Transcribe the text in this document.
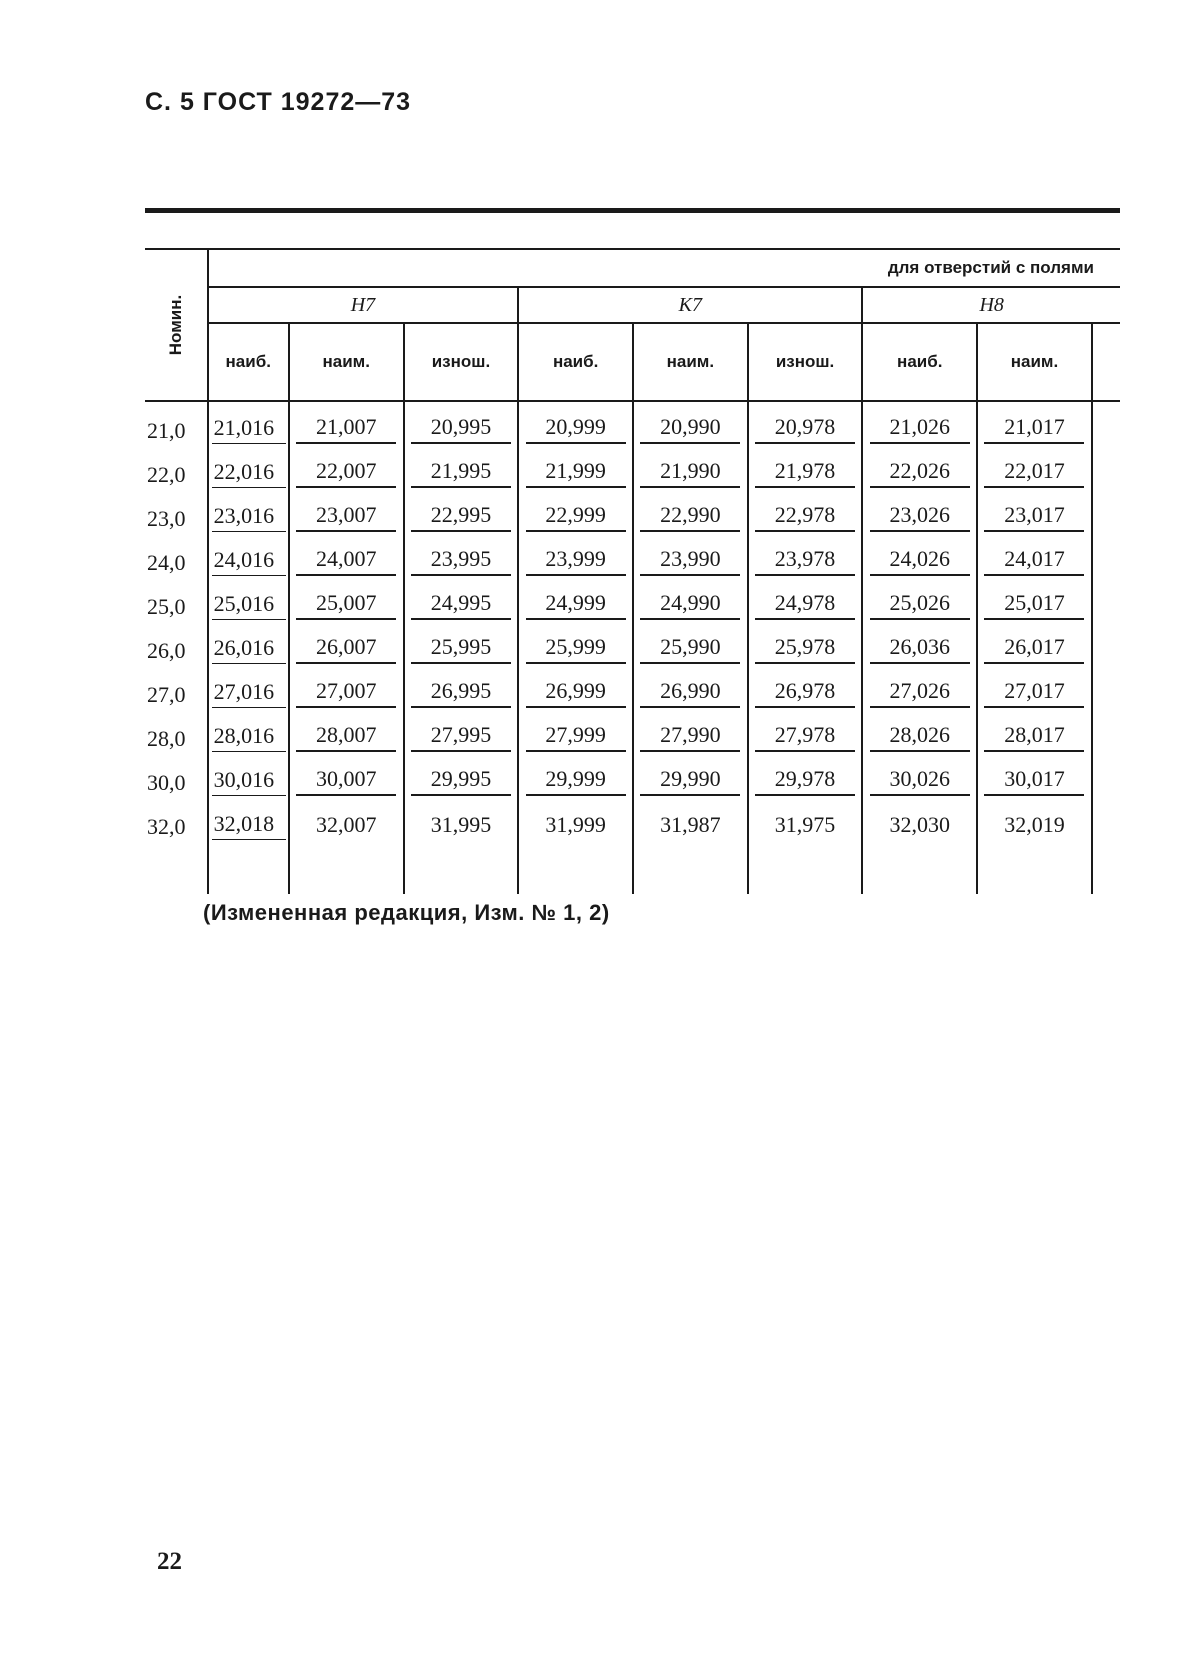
С. 5 ГОСТ 19272—73
Номин.	для отверстий с полями								
	H7			K7			H8		
	наиб.	наим.	изнош.	наиб.	наим.	изнош.	наиб.	наим.	
21,0	21,016	21,007	20,995	20,999	20,990	20,978	21,026	21,017	
22,0	22,016	22,007	21,995	21,999	21,990	21,978	22,026	22,017	
23,0	23,016	23,007	22,995	22,999	22,990	22,978	23,026	23,017	
24,0	24,016	24,007	23,995	23,999	23,990	23,978	24,026	24,017	
25,0	25,016	25,007	24,995	24,999	24,990	24,978	25,026	25,017	
26,0	26,016	26,007	25,995	25,999	25,990	25,978	26,036	26,017	
27,0	27,016	27,007	26,995	26,999	26,990	26,978	27,026	27,017	
28,0	28,016	28,007	27,995	27,999	27,990	27,978	28,026	28,017	
30,0	30,016	30,007	29,995	29,999	29,990	29,978	30,026	30,017	
32,0	32,018	32,007	31,995	31,999	31,987	31,975	32,030	32,019	

(Измененная редакция, Изм. № 1, 2)
22
